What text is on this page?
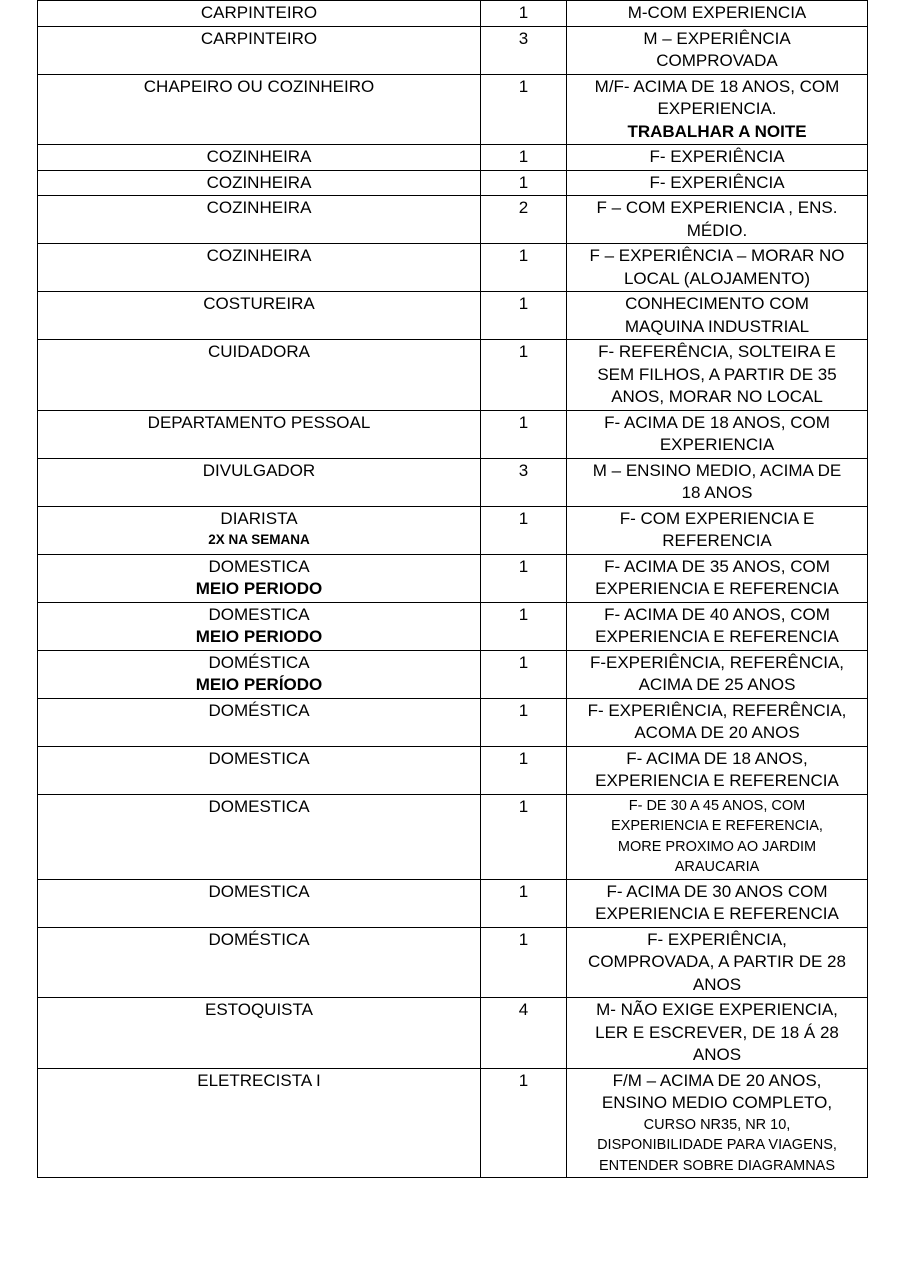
CARPINTEIRO	1	M-COM EXPERIENCIA

CARPINTEIRO	3	M – EXPERIÊNCIA
COMPROVADA

CHAPEIRO OU COZINHEIRO	1	M/F- ACIMA DE 18 ANOS, COM
EXPERIENCIA.
TRABALHAR A NOITE

COZINHEIRA	1	F- EXPERIÊNCIA

COZINHEIRA	1	F- EXPERIÊNCIA

COZINHEIRA	2	F – COM EXPERIENCIA , ENS.
MÉDIO.

COZINHEIRA	1	F – EXPERIÊNCIA – MORAR NO
LOCAL (ALOJAMENTO)

COSTUREIRA	1	CONHECIMENTO COM
MAQUINA INDUSTRIAL

CUIDADORA	1	F- REFERÊNCIA, SOLTEIRA E
SEM FILHOS, A PARTIR DE 35
ANOS, MORAR NO LOCAL

DEPARTAMENTO PESSOAL	1	F- ACIMA DE 18 ANOS, COM
EXPERIENCIA

DIVULGADOR	3	M – ENSINO MEDIO, ACIMA DE
18 ANOS

DIARISTA
2X NA SEMANA	1	F- COM EXPERIENCIA E
REFERENCIA

DOMESTICA
MEIO PERIODO	1	F- ACIMA DE 35 ANOS, COM
EXPERIENCIA E REFERENCIA

DOMESTICA
MEIO PERIODO	1	F- ACIMA DE 40 ANOS, COM
EXPERIENCIA E REFERENCIA

DOMÉSTICA
MEIO PERÍODO	1	F-EXPERIÊNCIA, REFERÊNCIA,
ACIMA DE 25 ANOS

DOMÉSTICA	1	F- EXPERIÊNCIA, REFERÊNCIA,
ACOMA DE 20 ANOS

DOMESTICA	1	F- ACIMA DE 18 ANOS,
EXPERIENCIA E REFERENCIA

DOMESTICA	1	F- DE 30 A 45 ANOS, COM
EXPERIENCIA E REFERENCIA,
MORE PROXIMO AO JARDIM
ARAUCARIA

DOMESTICA	1	F- ACIMA DE 30 ANOS COM
EXPERIENCIA E REFERENCIA

DOMÉSTICA	1	F- EXPERIÊNCIA,
COMPROVADA, A PARTIR DE 28
ANOS

ESTOQUISTA	4	M- NÃO EXIGE EXPERIENCIA,
LER E ESCREVER, DE 18 Á 28
ANOS

ELETRECISTA I	1	F/M – ACIMA DE 20 ANOS,
ENSINO MEDIO COMPLETO,
CURSO NR35, NR 10,
DISPONIBILIDADE PARA VIAGENS,
ENTENDER SOBRE DIAGRAMNAS
